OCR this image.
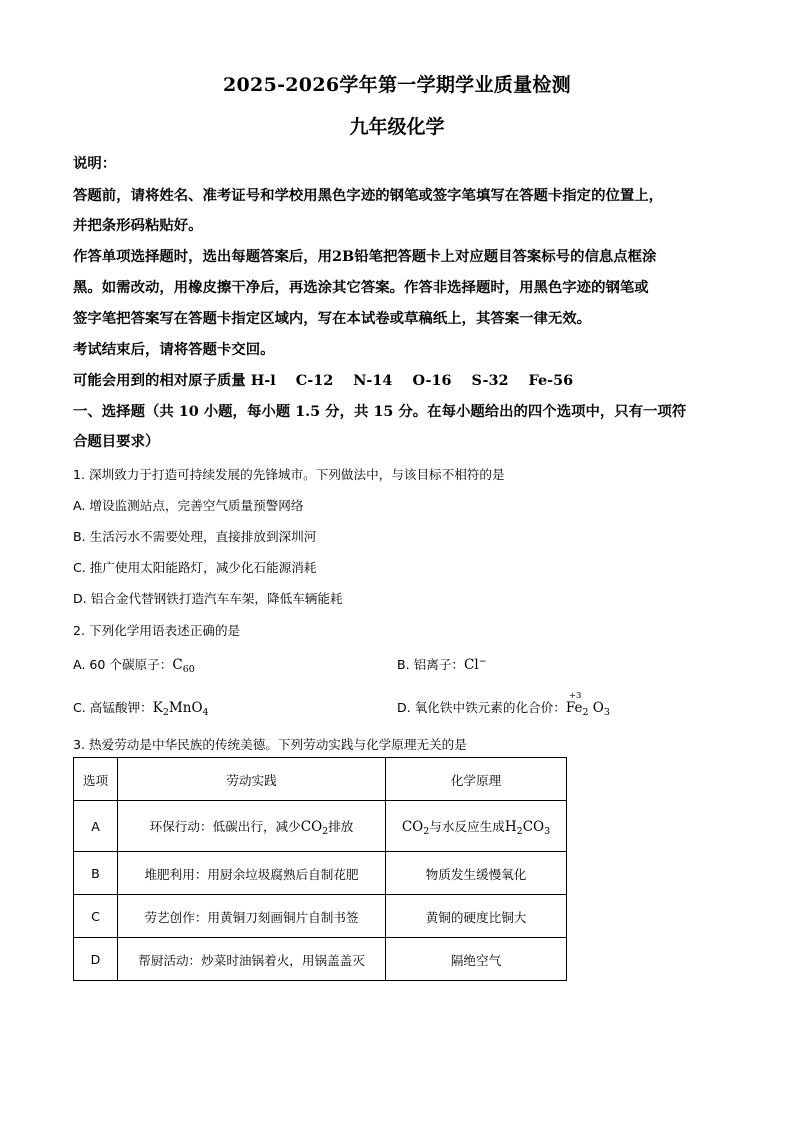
2025-2026学年第一学期学业质量检测
九年级化学
说明：
答题前，请将姓名、准考证号和学校用黑色字迹的钢笔或签字笔填写在答题卡指定的位置上，
并把条形码粘贴好。
作答单项选择题时，选出每题答案后，用2B铅笔把答题卡上对应题目答案标号的信息点框涂
黑。如需改动，用橡皮擦干净后，再选涂其它答案。作答非选择题时，用黑色字迹的钢笔或
签字笔把答案写在答题卡指定区域内，写在本试卷或草稿纸上，其答案一律无效。
考试结束后，请将答题卡交回。
可能会用到的相对原子质量 H-l    C-12    N-14    O-16    S-32    Fe-56
一、选择题（共 10 小题，每小题 1.5 分，共 15 分。在每小题给出的四个选项中，只有一项符
合题目要求）
1. 深圳致力于打造可持续发展的先锋城市。下列做法中，与该目标不相符的是
A. 增设监测站点，完善空气质量预警网络
B. 生活污水不需要处理，直接排放到深圳河
C. 推广使用太阳能路灯，减少化石能源消耗
D. 铝合金代替钢铁打造汽车车架，降低车辆能耗
2. 下列化学用语表述正确的是
A. 60 个碳原子：$C_{60}$	B. 铝离子：Cl−
C. 高锰酸钾：$K_2MnO_4$	D. 氧化铁中铁元素的化合价：
+3
$Fe_2$ $O_3$
3. 热爱劳动是中华民族的传统美德。下列劳动实践与化学原理无关的是
选项	劳动实践	化学原理
A	环保行动：低碳出行，减少$CO_2$排放	$CO_2$与水反应生成$H_2CO_3$
B	堆肥利用：用厨余垃圾腐熟后自制花肥	物质发生缓慢氧化
C	劳艺创作：用黄铜刀刻画铜片自制书签	黄铜的硬度比铜大
D	帮厨活动：炒菜时油锅着火，用锅盖盖灭	隔绝空气
